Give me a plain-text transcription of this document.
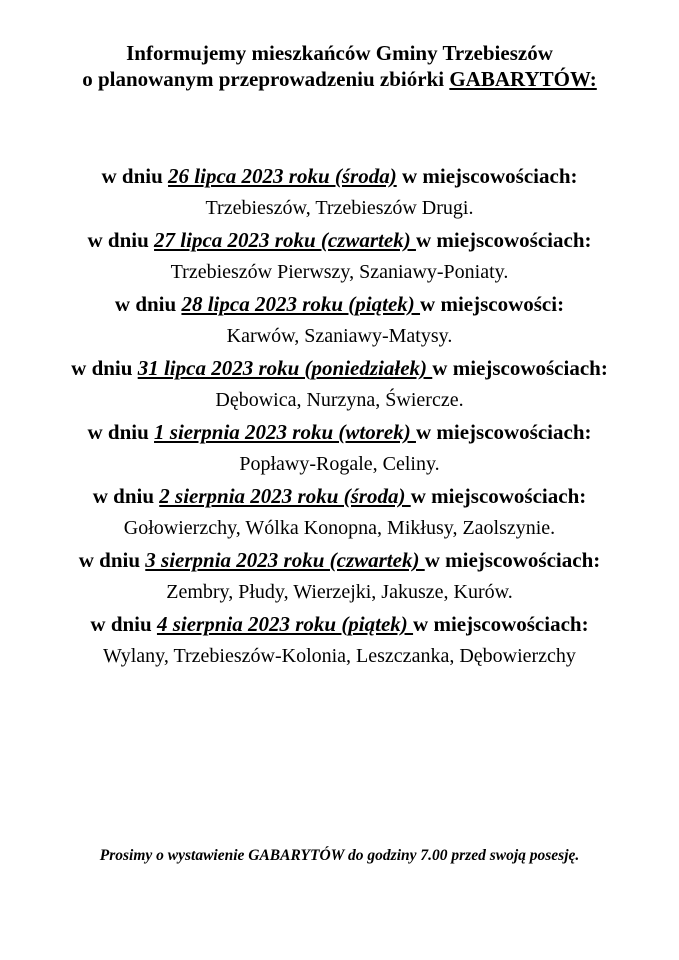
Informujemy mieszkańców Gminy Trzebieszów
o planowanym przeprowadzeniu zbiórki GABARYTÓW:
w dniu 26 lipca 2023 roku (środa) w miejscowościach:
Trzebieszów, Trzebieszów Drugi.
w dniu 27 lipca 2023 roku (czwartek) w miejscowościach:
Trzebieszów Pierwszy, Szaniawy-Poniaty.
w dniu 28 lipca 2023 roku (piątek) w miejscowości:
Karwów, Szaniawy-Matysy.
w dniu 31 lipca 2023 roku (poniedziałek) w miejscowościach:
Dębowica, Nurzyna, Świercze.
w dniu 1 sierpnia 2023 roku (wtorek) w miejscowościach:
Popławy-Rogale, Celiny.
w dniu 2 sierpnia 2023 roku (środa) w miejscowościach:
Gołowierzchy, Wólka Konopna, Mikłusy, Zaolszynie.
w dniu 3 sierpnia 2023 roku (czwartek) w miejscowościach:
Zembry, Płudy, Wierzejki, Jakusze, Kurów.
w dniu 4 sierpnia 2023 roku (piątek) w miejscowościach:
Wylany, Trzebieszów-Kolonia, Leszczanka, Dębowierzchy
Prosimy o wystawienie GABARYTÓW do godziny 7.00 przed swoją posesję.
